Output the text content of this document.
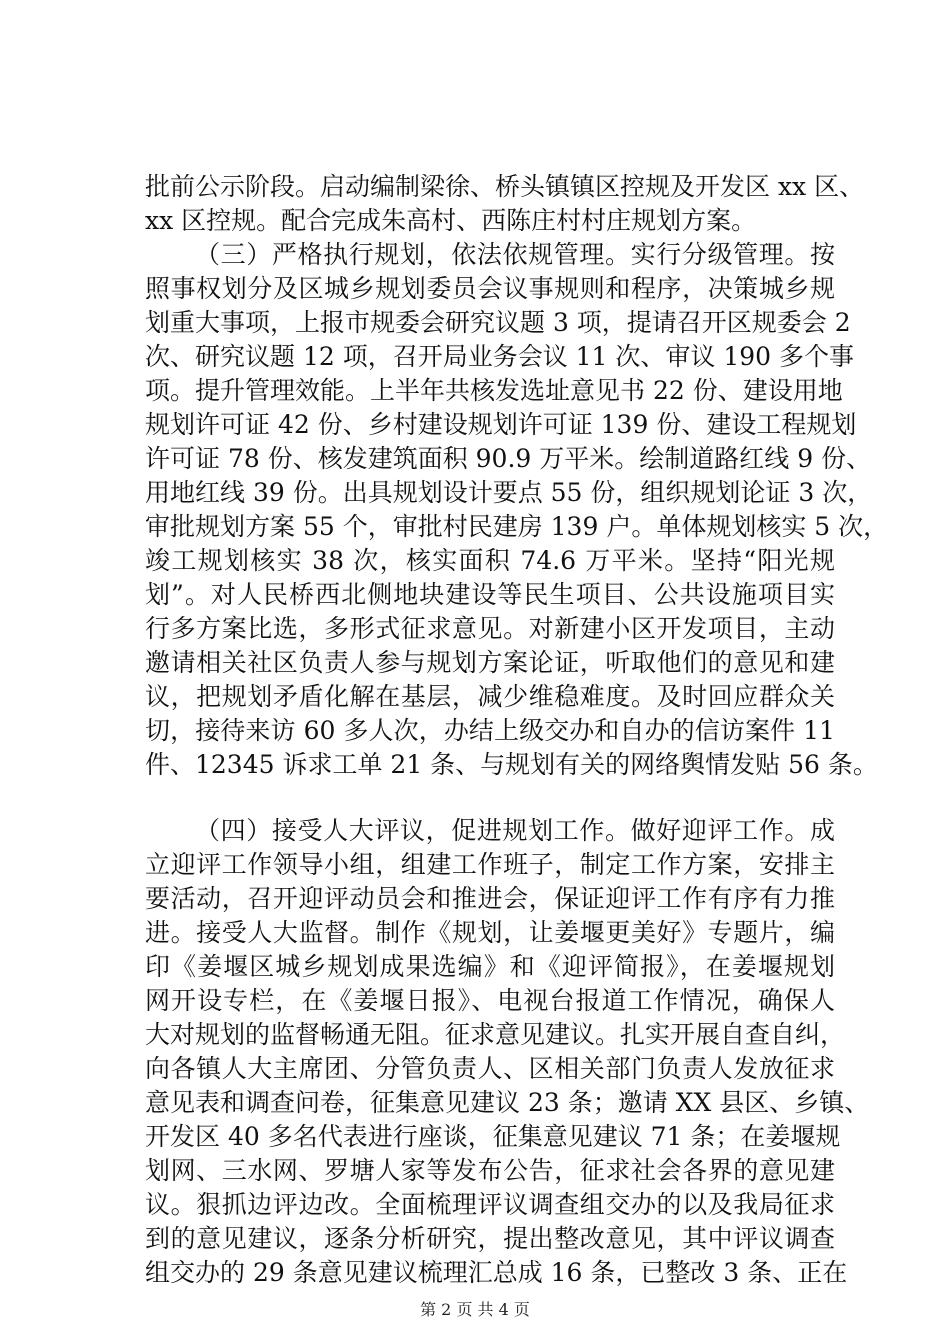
批前公示阶段。启动编制梁徐、桥头镇镇区控规及开发区 xx 区、
xx 区控规。配合完成朱高村、西陈庄村村庄规划方案。
（三）严格执行规划，依法依规管理。实行分级管理。按
照事权划分及区城乡规划委员会议事规则和程序，决策城乡规
划重大事项，上报市规委会研究议题 3 项，提请召开区规委会 2
次、研究议题 12 项，召开局业务会议 11 次、审议 190 多个事
项。提升管理效能。上半年共核发选址意见书 22 份、建设用地
规划许可证 42 份、乡村建设规划许可证 139 份、建设工程规划
许可证 78 份、核发建筑面积 90.9 万平米。绘制道路红线 9 份、
用地红线 39 份。出具规划设计要点 55 份，组织规划论证 3 次，
审批规划方案 55 个，审批村民建房 139 户。单体规划核实 5 次，
竣工规划核实 38 次，核实面积 74.6 万平米。坚持“阳光规
划”。对人民桥西北侧地块建设等民生项目、公共设施项目实
行多方案比选，多形式征求意见。对新建小区开发项目，主动
邀请相关社区负责人参与规划方案论证，听取他们的意见和建
议，把规划矛盾化解在基层，减少维稳难度。及时回应群众关
切，接待来访 60 多人次，办结上级交办和自办的信访案件 11
件、12345 诉求工单 21 条、与规划有关的网络舆情发贴 56 条。
（四）接受人大评议，促进规划工作。做好迎评工作。成
立迎评工作领导小组，组建工作班子，制定工作方案，安排主
要活动，召开迎评动员会和推进会，保证迎评工作有序有力推
进。接受人大监督。制作《规划，让姜堰更美好》专题片，编
印《姜堰区城乡规划成果选编》和《迎评简报》，在姜堰规划
网开设专栏，在《姜堰日报》、电视台报道工作情况，确保人
大对规划的监督畅通无阻。征求意见建议。扎实开展自查自纠，
向各镇人大主席团、分管负责人、区相关部门负责人发放征求
意见表和调查问卷，征集意见建议 23 条；邀请 XX 县区、乡镇、
开发区 40 多名代表进行座谈，征集意见建议 71 条；在姜堰规
划网、三水网、罗塘人家等发布公告，征求社会各界的意见建
议。狠抓边评边改。全面梳理评议调查组交办的以及我局征求
到的意见建议，逐条分析研究，提出整改意见，其中评议调查
组交办的 29 条意见建议梳理汇总成 16 条，已整改 3 条、正在
第 2 页 共 4 页
